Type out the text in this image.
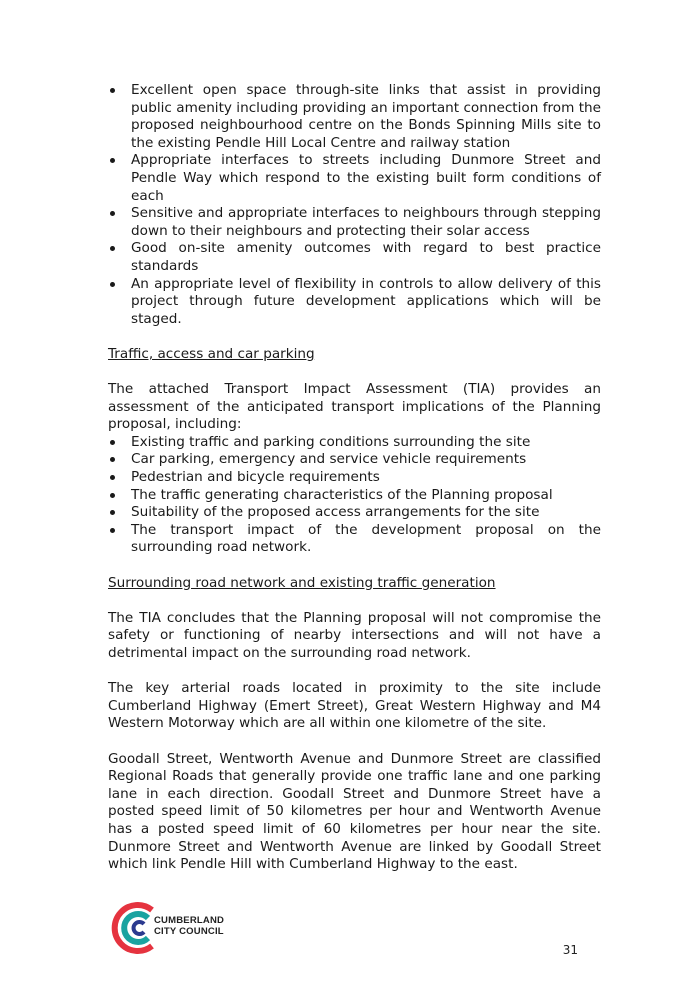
Excellent open space through-site links that assist in providing public amenity including providing an important connection from the proposed neighbourhood centre on the Bonds Spinning Mills site to the existing Pendle Hill Local Centre and railway station
Appropriate interfaces to streets including Dunmore Street and Pendle Way which respond to the existing built form conditions of each
Sensitive and appropriate interfaces to neighbours through stepping down to their neighbours and protecting their solar access
Good on-site amenity outcomes with regard to best practice standards
An appropriate level of flexibility in controls to allow delivery of this project through future development applications which will be staged.

Traffic, access and car parking

The attached Transport Impact Assessment (TIA) provides an assessment of the anticipated transport implications of the Planning proposal, including:

Existing traffic and parking conditions surrounding the site
Car parking, emergency and service vehicle requirements
Pedestrian and bicycle requirements
The traffic generating characteristics of the Planning proposal
Suitability of the proposed access arrangements for the site
The transport impact of the development proposal on the surrounding road network.

Surrounding road network and existing traffic generation

The TIA concludes that the Planning proposal will not compromise the safety or functioning of nearby intersections and will not have a detrimental impact on the surrounding road network.

The key arterial roads located in proximity to the site include Cumberland Highway (Emert Street), Great Western Highway and M4 Western Motorway which are all within one kilometre of the site.

Goodall Street, Wentworth Avenue and Dunmore Street are classified Regional Roads that generally provide one traffic lane and one parking lane in each direction. Goodall Street and Dunmore Street have a posted speed limit of 50 kilometres per hour and Wentworth Avenue has a posted speed limit of 60 kilometres per hour near the site. Dunmore Street and Wentworth Avenue are linked by Goodall Street which link Pendle Hill with Cumberland Highway to the east.

CUMBERLAND
CITY COUNCIL
31
